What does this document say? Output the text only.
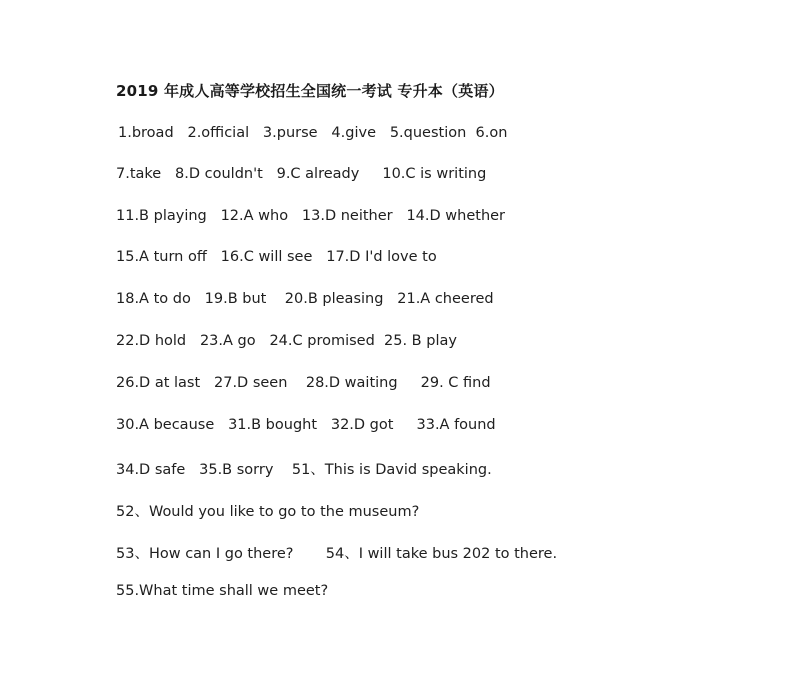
2019 年成人高等学校招生全国统一考试 专升本（英语）
1.broad   2.official   3.purse   4.give   5.question  6.on
7.take   8.D couldn't   9.C already     10.C is writing
11.B playing   12.A who   13.D neither   14.D whether
15.A turn off   16.C will see   17.D I'd love to
18.A to do   19.B but    20.B pleasing   21.A cheered
22.D hold   23.A go   24.C promised  25. B play
26.D at last   27.D seen    28.D waiting     29. C find
30.A because   31.B bought   32.D got     33.A found
34.D safe   35.B sorry    51、This is David speaking.
52、Would you like to go to the museum?
53、How can I go there?       54、I will take bus 202 to there.
55.What time shall we meet?
